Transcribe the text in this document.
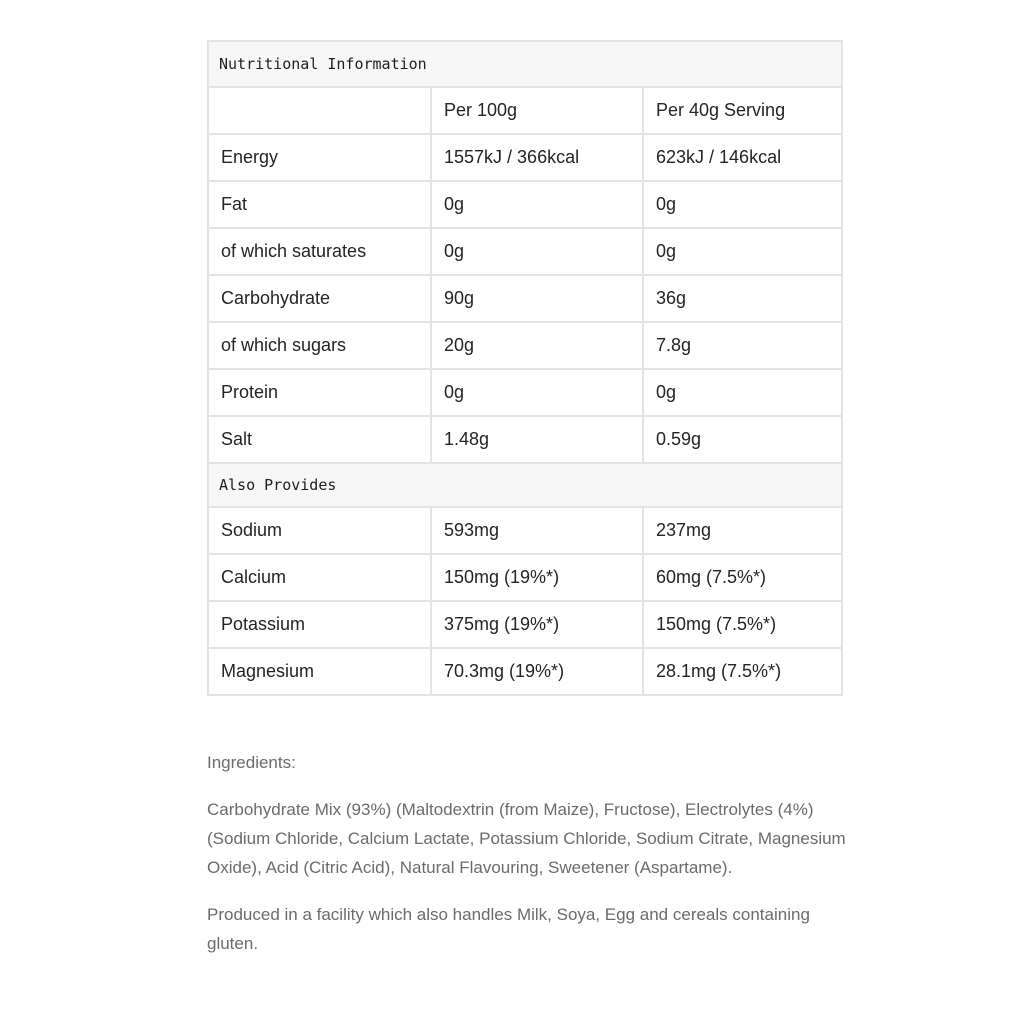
Nutritional Information		
	Per 100g	Per 40g Serving
Energy	1557kJ / 366kcal	623kJ / 146kcal
Fat	0g	0g
of which saturates	0g	0g
Carbohydrate	90g	36g
of which sugars	20g	7.8g
Protein	0g	0g
Salt	1.48g	0.59g
Also Provides		
Sodium	593mg	237mg
Calcium	150mg (19%*)	60mg (7.5%*)
Potassium	375mg (19%*)	150mg (7.5%*)
Magnesium	70.3mg (19%*)	28.1mg (7.5%*)

Ingredients:

Carbohydrate Mix (93%) (Maltodextrin (from Maize), Fructose), Electrolytes (4%) (Sodium Chloride, Calcium Lactate, Potassium Chloride, Sodium Citrate, Magnesium Oxide), Acid (Citric Acid), Natural Flavouring, Sweetener (Aspartame).

Produced in a facility which also handles Milk, Soya, Egg and cereals containing gluten.
